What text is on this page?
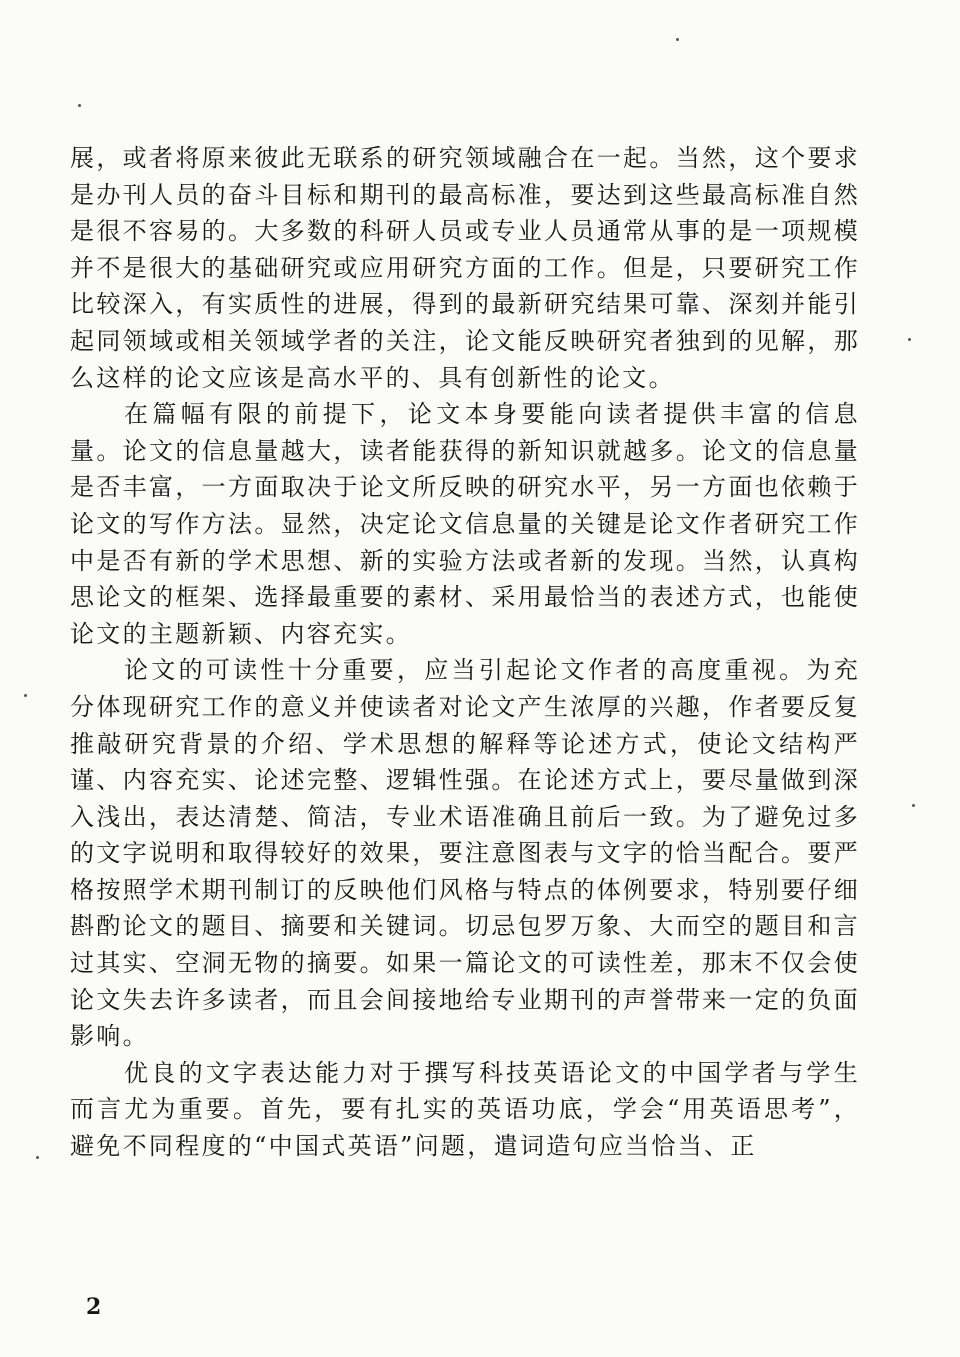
展，或者将原来彼此无联系的研究领域融合在一起。当然，这个要求是办刊人员的奋斗目标和期刊的最高标准，要达到这些最高标准自然是很不容易的。大多数的科研人员或专业人员通常从事的是一项规模并不是很大的基础研究或应用研究方面的工作。但是，只要研究工作比较深入，有实质性的进展，得到的最新研究结果可靠、深刻并能引起同领域或相关领域学者的关注，论文能反映研究者独到的见解，那么这样的论文应该是高水平的、具有创新性的论文。

在篇幅有限的前提下，论文本身要能向读者提供丰富的信息量。论文的信息量越大，读者能获得的新知识就越多。论文的信息量是否丰富，一方面取决于论文所反映的研究水平，另一方面也依赖于论文的写作方法。显然，决定论文信息量的关键是论文作者研究工作中是否有新的学术思想、新的实验方法或者新的发现。当然，认真构思论文的框架、选择最重要的素材、采用最恰当的表述方式，也能使论文的主题新颖、内容充实。

论文的可读性十分重要，应当引起论文作者的高度重视。为充分体现研究工作的意义并使读者对论文产生浓厚的兴趣，作者要反复推敲研究背景的介绍、学术思想的解释等论述方式，使论文结构严谨、内容充实、论述完整、逻辑性强。在论述方式上，要尽量做到深入浅出，表达清楚、简洁，专业术语准确且前后一致。为了避免过多的文字说明和取得较好的效果，要注意图表与文字的恰当配合。要严格按照学术期刊制订的反映他们风格与特点的体例要求，特别要仔细斟酌论文的题目、摘要和关键词。切忌包罗万象、大而空的题目和言过其实、空洞无物的摘要。如果一篇论文的可读性差，那末不仅会使论文失去许多读者，而且会间接地给专业期刊的声誉带来一定的负面影响。

优良的文字表达能力对于撰写科技英语论文的中国学者与学生而言尤为重要。首先，要有扎实的英语功底，学会“用英语思考”，避免不同程度的“中国式英语”问题，遣词造句应当恰当、正

2
